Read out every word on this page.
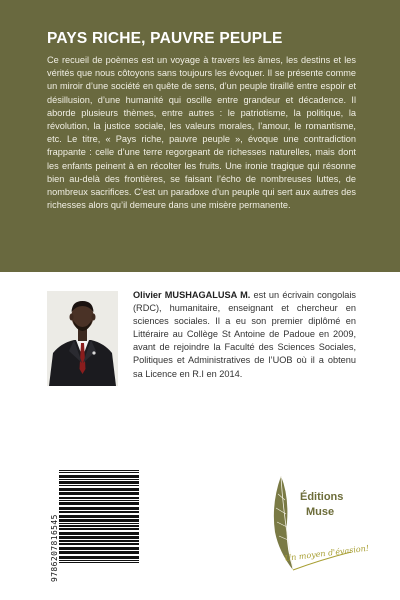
PAYS RICHE, PAUVRE PEUPLE

Ce recueil de poèmes est un voyage à travers les âmes, les destins et les vérités que nous côtoyons sans toujours les évoquer. Il se présente comme un miroir d’une société en quête de sens, d’un peuple tiraillé entre espoir et désillusion, d’une humanité qui oscille entre grandeur et décadence. Il aborde plusieurs thèmes, entre autres : le patriotisme, la politique, la révolution, la justice sociale, les valeurs morales, l’amour, le romantisme, etc. Le titre, « Pays riche, pauvre peuple », évoque une contradiction frappante : celle d’une terre regorgeant de richesses naturelles, mais dont les enfants peinent à en récolter les fruits. Une ironie tragique qui résonne bien au-delà des frontières, se faisant l’écho de nombreuses luttes, de nombreux sacrifices. C’est un paradoxe d’un peuple qui sert aux autres des richesses alors qu’il demeure dans une misère permanente.

Olivier MUSHAGALUSA M. est un écrivain congolais (RDC), humanitaire, enseignant et chercheur en sciences sociales. Il a eu son premier diplômé en Littéraire au Collège St Antoine de Padoue en 2009, avant de rejoindre la Faculté des Sciences Sociales, Politiques et Administratives de l’UOB où il a obtenu sa Licence en R.I en 2014.

9786207816545
Éditions
Muse
Un moyen d'évasion!
